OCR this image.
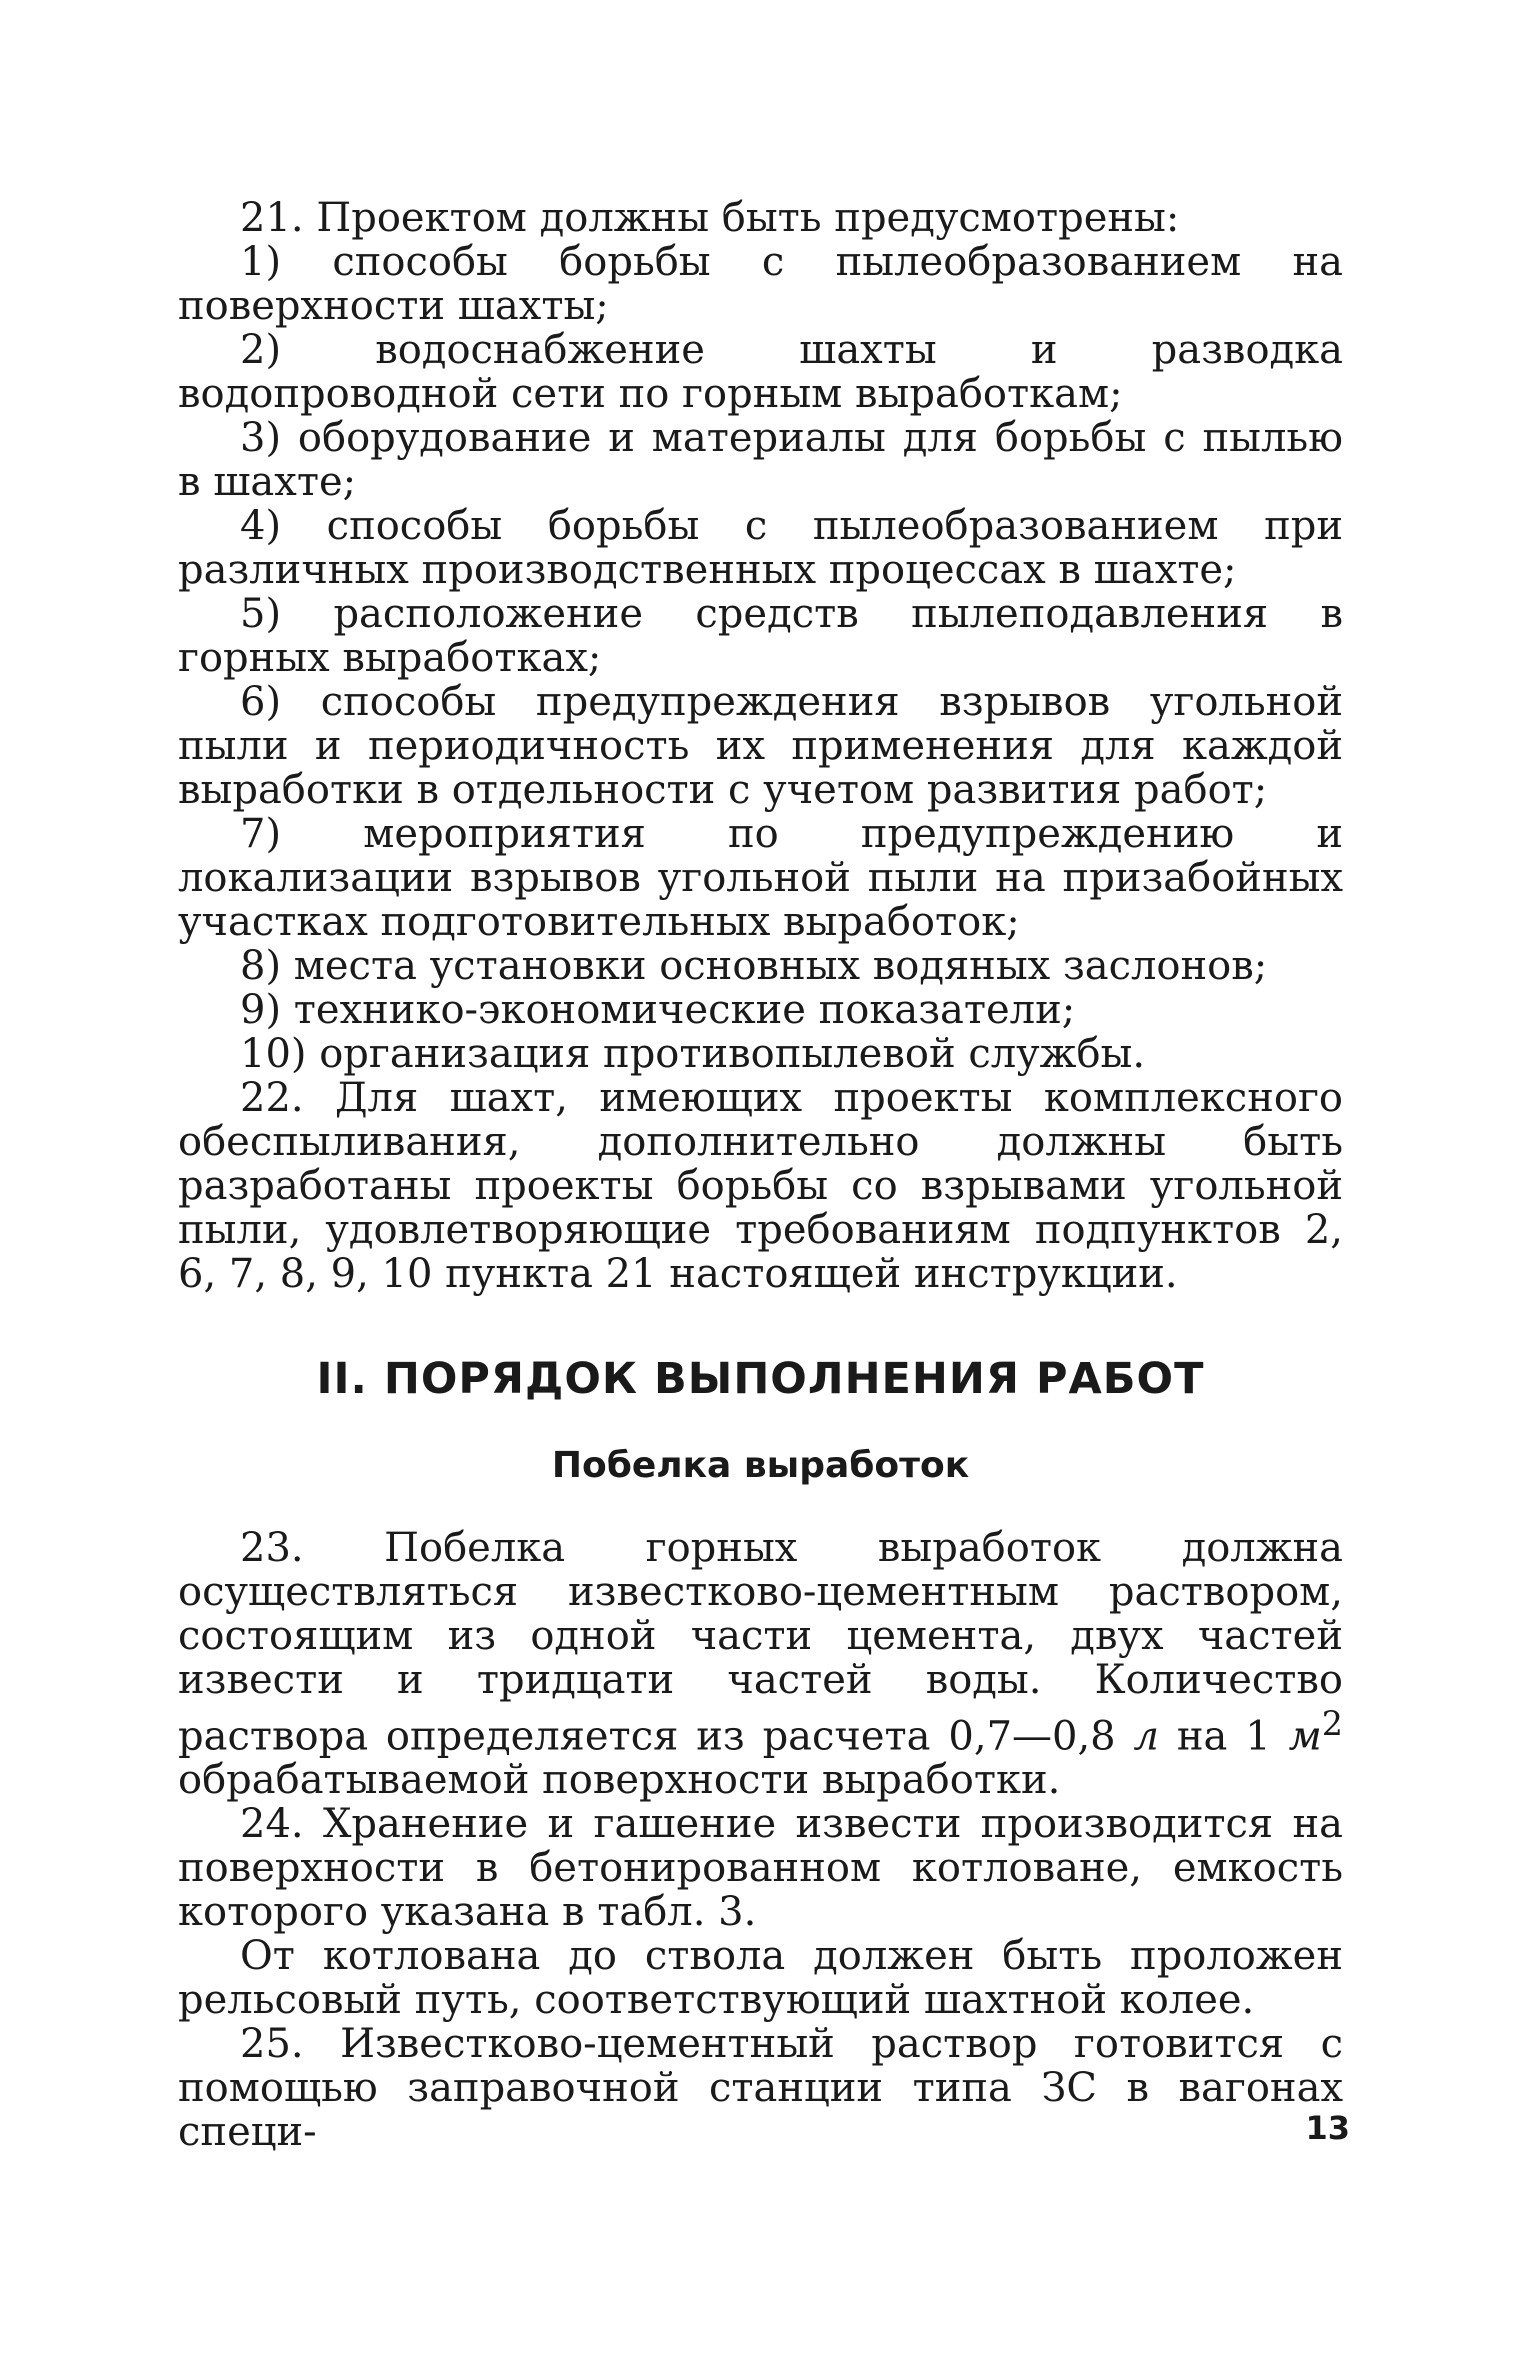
21. Проектом должны быть предусмотрены:

1) способы борьбы с пылеобразованием на поверхности шахты;

2) водоснабжение шахты и разводка водопроводной сети по горным выработкам;

3) оборудование и материалы для борьбы с пылью в шахте;

4) способы борьбы с пылеобразованием при различных производственных процессах в шахте;

5) расположение средств пылеподавления в горных выработках;

6) способы предупреждения взрывов угольной пыли и периодичность их применения для каждой выработки в отдельности с учетом развития работ;

7) мероприятия по предупреждению и локализации взрывов угольной пыли на призабойных участках подготовительных выработок;

8) места установки основных водяных заслонов;

9) технико-экономические показатели;

10) организация противопылевой службы.

22. Для шахт, имеющих проекты комплексного обеспыливания, дополнительно должны быть разработаны проекты борьбы со взрывами угольной пыли, удовлетворяющие требованиям подпунктов 2, 6, 7, 8, 9, 10 пункта 21 настоящей инструкции.

II. ПОРЯДОК ВЫПОЛНЕНИЯ РАБОТ
Побелка выработок

23. Побелка горных выработок должна осуществляться известково-цементным раствором, состоящим из одной части цемента, двух частей извести и тридцати частей воды. Количество раствора определяется из расчета 0,7—0,8 л на 1 $м^2$ обрабатываемой поверхности выработки.

24. Хранение и гашение извести производится на поверхности в бетонированном котловане, емкость которого указана в табл. 3.

От котлована до ствола должен быть проложен рельсовый путь, соответствующий шахтной колее.

25. Известково-цементный раствор готовится с помощью заправочной станции типа ЗС в вагонах специ-	13
